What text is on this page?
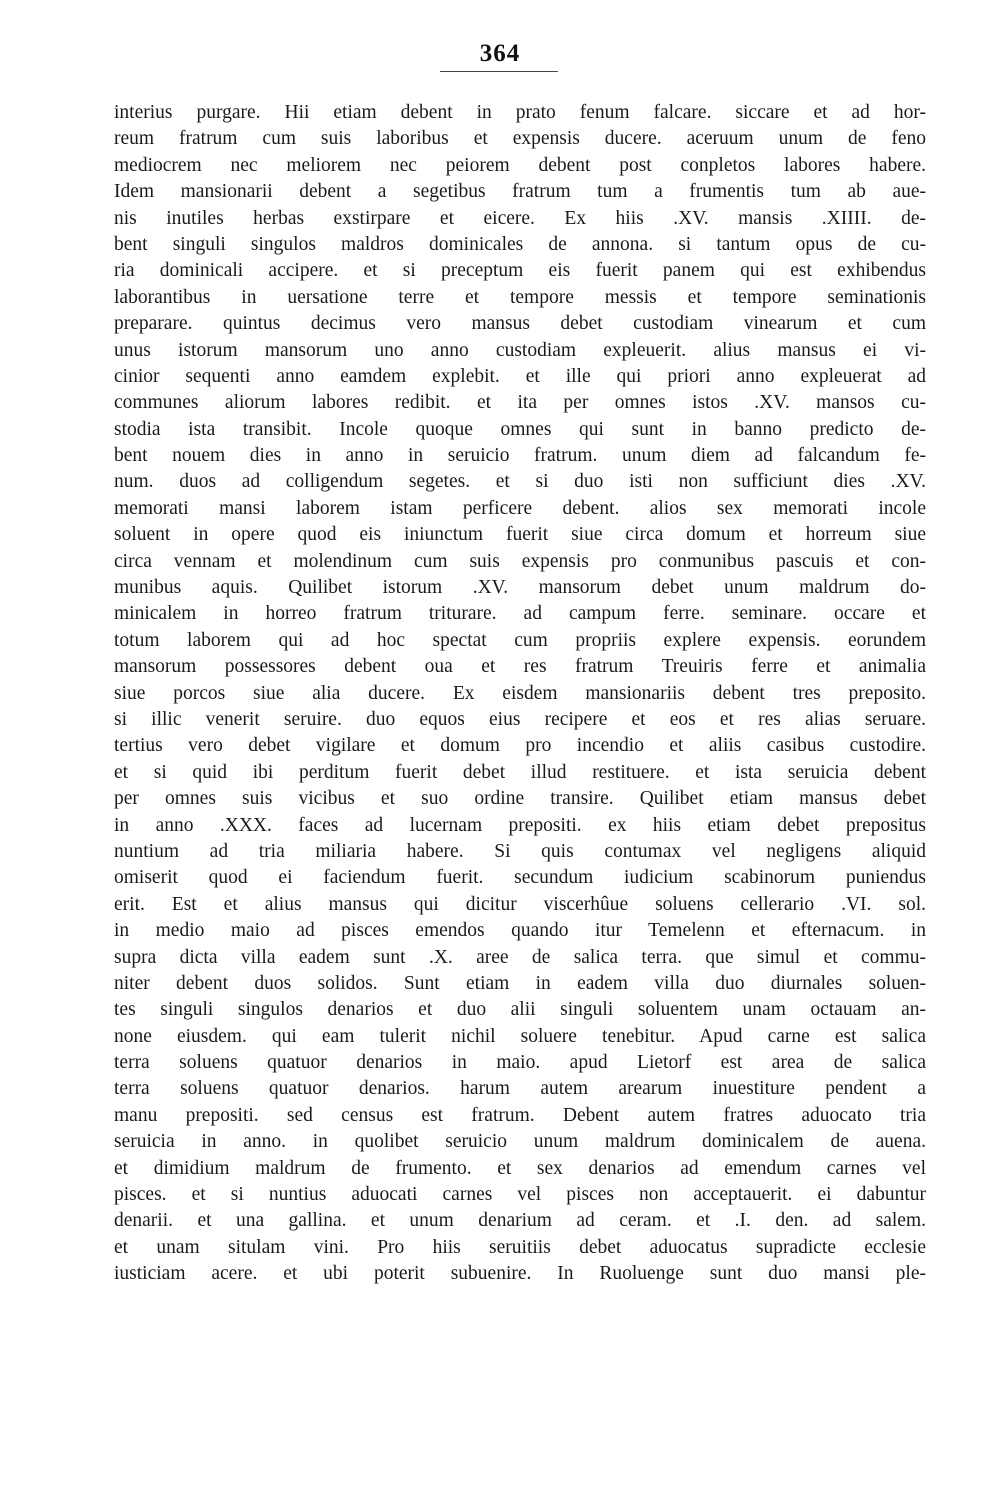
364
interius purgare. Hii etiam debent in prato fenum falcare. siccare et ad hor-
reum fratrum cum suis laboribus et expensis ducere. aceruum unum de feno
mediocrem nec meliorem nec peiorem debent post conpletos labores habere.
Idem mansionarii debent a segetibus fratrum tum a frumentis tum ab aue-
nis inutiles herbas exstirpare et eicere. Ex hiis .XV. mansis .XIIII. de-
bent singuli singulos maldros dominicales de annona. si tantum opus de cu-
ria dominicali accipere. et si preceptum eis fuerit panem qui est exhibendus
laborantibus in uersatione terre et tempore messis et tempore seminationis
preparare. quintus decimus vero mansus debet custodiam vinearum et cum
unus istorum mansorum uno anno custodiam expleuerit. alius mansus ei vi-
cinior sequenti anno eamdem explebit. et ille qui priori anno expleuerat ad
communes aliorum labores redibit. et ita per omnes istos .XV. mansos cu-
stodia ista transibit. Incole quoque omnes qui sunt in banno predicto de-
bent nouem dies in anno in seruicio fratrum. unum diem ad falcandum fe-
num. duos ad colligendum segetes. et si duo isti non sufficiunt dies .XV.
memorati mansi laborem istam perficere debent. alios sex memorati incole
soluent in opere quod eis iniunctum fuerit siue circa domum et horreum siue
circa vennam et molendinum cum suis expensis pro conmunibus pascuis et con-
munibus aquis. Quilibet istorum .XV. mansorum debet unum maldrum do-
minicalem in horreo fratrum triturare. ad campum ferre. seminare. occare et
totum laborem qui ad hoc spectat cum propriis explere expensis. eorundem
mansorum possessores debent oua et res fratrum Treuiris ferre et animalia
siue porcos siue alia ducere. Ex eisdem mansionariis debent tres preposito.
si illic venerit seruire. duo equos eius recipere et eos et res alias seruare.
tertius vero debet vigilare et domum pro incendio et aliis casibus custodire.
et si quid ibi perditum fuerit debet illud restituere. et ista seruicia debent
per omnes suis vicibus et suo ordine transire. Quilibet etiam mansus debet
in anno .XXX. faces ad lucernam prepositi. ex hiis etiam debet prepositus
nuntium ad tria miliaria habere. Si quis contumax vel negligens aliquid
omiserit quod ei faciendum fuerit. secundum iudicium scabinorum puniendus
erit. Est et alius mansus qui dicitur viscerhûue soluens cellerario .VI. sol.
in medio maio ad pisces emendos quando itur Temelenn et efternacum. in
supra dicta villa eadem sunt .X. aree de salica terra. que simul et commu-
niter debent duos solidos. Sunt etiam in eadem villa duo diurnales soluen-
tes singuli singulos denarios et duo alii singuli soluentem unam octauam an-
none eiusdem. qui eam tulerit nichil soluere tenebitur. Apud carne est salica
terra soluens quatuor denarios in maio. apud Lietorf est area de salica
terra soluens quatuor denarios. harum autem arearum inuestiture pendent a
manu prepositi. sed census est fratrum. Debent autem fratres aduocato tria
seruicia in anno. in quolibet seruicio unum maldrum dominicalem de auena.
et dimidium maldrum de frumento. et sex denarios ad emendum carnes vel
pisces. et si nuntius aduocati carnes vel pisces non acceptauerit. ei dabuntur
denarii. et una gallina. et unum denarium ad ceram. et .I. den. ad salem.
et unam situlam vini. Pro hiis seruitiis debet aduocatus supradicte ecclesie
iusticiam acere. et ubi poterit subuenire. In Ruoluenge sunt duo mansi ple-
